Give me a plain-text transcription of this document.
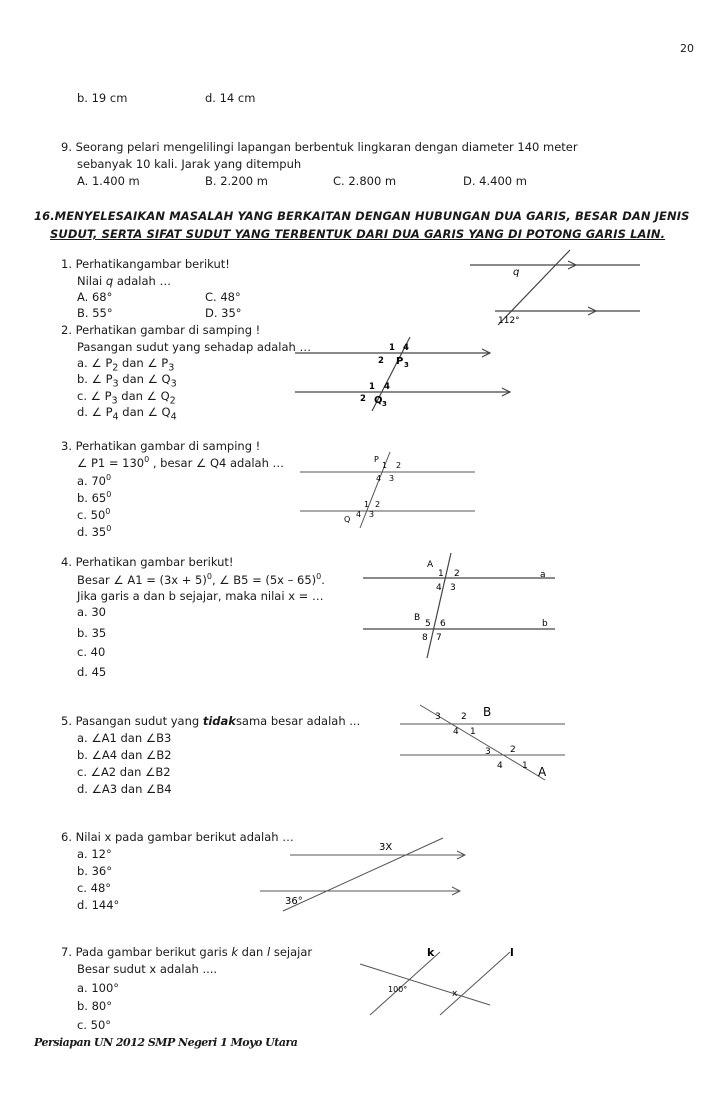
20
b. 19 cm	d. 14 cm
9. Seorang pelari mengelilingi lapangan berbentuk lingkaran dengan diameter 140 meter
sebanyak 10 kali. Jarak yang ditempuh
A. 1.400 m	B. 2.200 m	C. 2.800 m	D. 4.400 m
16.MENYELESAIKAN MASALAH YANG BERKAITAN DENGAN HUBUNGAN DUA GARIS, BESAR DAN JENIS
SUDUT, SERTA SIFAT SUDUT YANG TERBENTUK DARI DUA GARIS YANG DI POTONG GARIS LAIN.
1. Perhatikangambar berikut!
Nilai q adalah …
A. 68°	C. 48°
B. 55°	D. 35°
q
112°
2. Perhatikan gambar di samping !
Pasangan sudut yang sehadap adalah …
a. ∠ $P_2$ dan ∠ $P_3$
b. ∠ $P_3$ dan ∠ $Q_3$
c. ∠ $P_3$ dan ∠ $Q_2$
d. ∠ $P_4$ dan ∠ $Q_4$
1 4
2 P 3
1 4
2 Q 3
3. Perhatikan gambar di samping !
∠ $P1 = 130^0$ , besar ∠ Q4 adalah …
a. $70^0$
b. $65^0$
c. $50^0$
d. $35^0$
P
1 2
4 3
Q
1 2
4 3
4. Perhatikan gambar berikut!
Besar ∠ $A1 = (3x + 5)^0$, ∠ B5 = (5x – 65)$^0$.
Jika garis a dan b sejajar, maka nilai x = …
a. 30
b. 35
c. 40
d. 45
A
1 2
4 3
a
B
5 6
8 7
b
5. Pasangan sudut yang tidaksama besar adalah ...
a. ∠A1 dan ∠B3
b. ∠A4 dan ∠B2
c. ∠A2 dan ∠B2
d. ∠A3 dan ∠B4
3 2 B
4 1
3 2
4 1 A
6. Nilai x pada gambar berikut adalah …
a. 12°
b. 36°
c. 48°
d. 144°
3X
36°
7. Pada gambar berikut garis k dan l sejajar
Besar sudut x adalah ....
a. 100°
b. 80°
c. 50°
k	l
100°	x
Persiapan UN 2012 SMP Negeri 1 Moyo Utara
